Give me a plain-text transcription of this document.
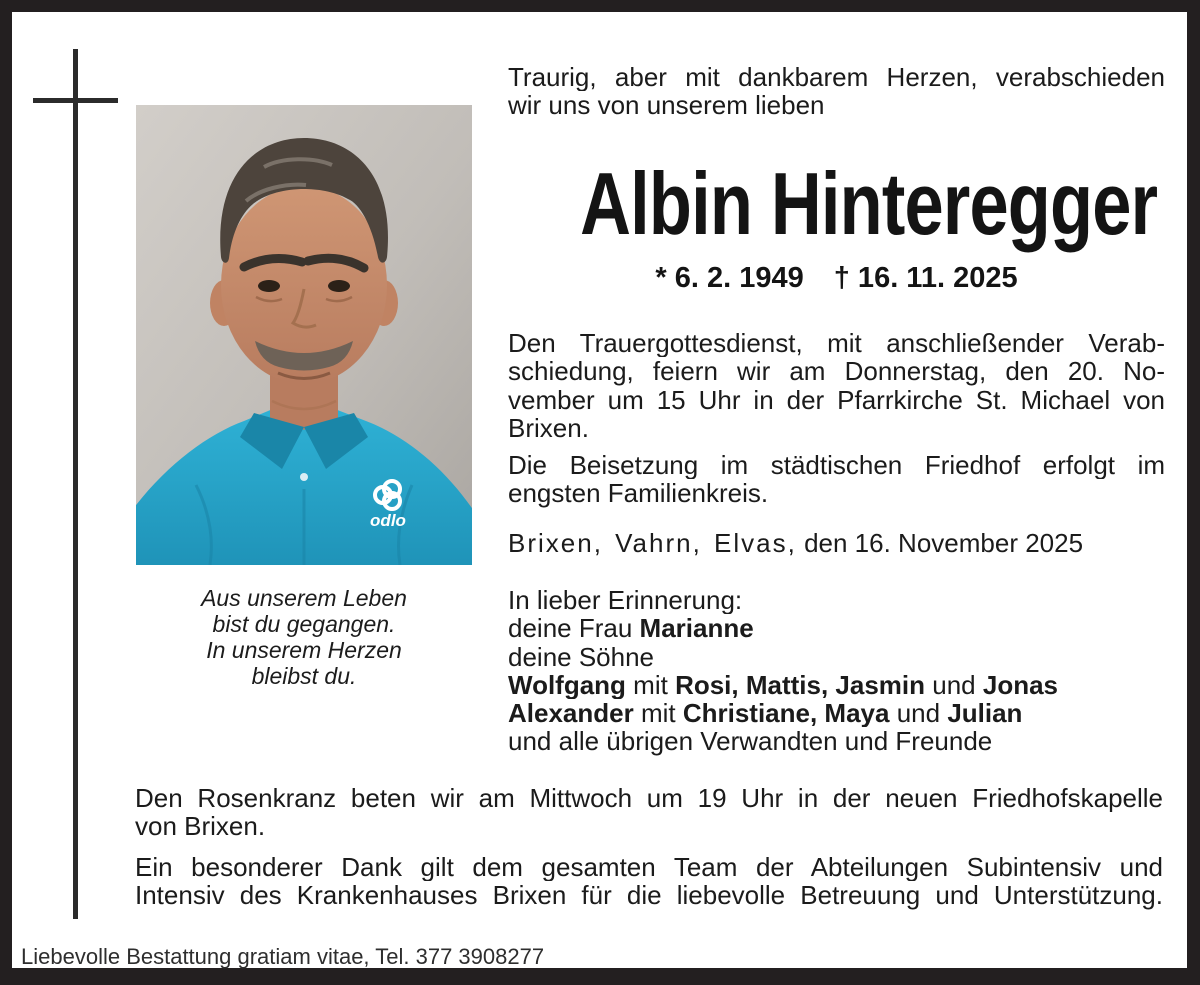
odlo
Aus unserem Leben
bist du gegangen.
In unserem Herzen
bleibst du.
Traurig, aber mit dankbarem Herzen, verabschieden
wir uns von unserem lieben
Albin Hinteregger
* 6. 2. 1949 † 16. 11. 2025
Den Trauergottesdienst, mit anschließender Verab-
schiedung, feiern wir am Donnerstag, den 20. No-
vember um 15 Uhr in der Pfarrkirche St. Michael von
Brixen.
Die Beisetzung im städtischen Friedhof erfolgt im
engsten Familienkreis.
Brixen, Vahrn, Elvas, den 16. November 2025
In lieber Erinnerung:
deine Frau Marianne
deine Söhne
Wolfgang mit Rosi, Mattis, Jasmin und Jonas
Alexander mit Christiane, Maya und Julian
und alle übrigen Verwandten und Freunde
Den Rosenkranz beten wir am Mittwoch um 19 Uhr in der neuen Friedhofskapelle
von Brixen.
Ein besonderer Dank gilt dem gesamten Team der Abteilungen Subintensiv und
Intensiv des Krankenhauses Brixen für die liebevolle Betreuung und Unterstützung.
Liebevolle Bestattung gratiam vitae, Tel. 377 3908277
